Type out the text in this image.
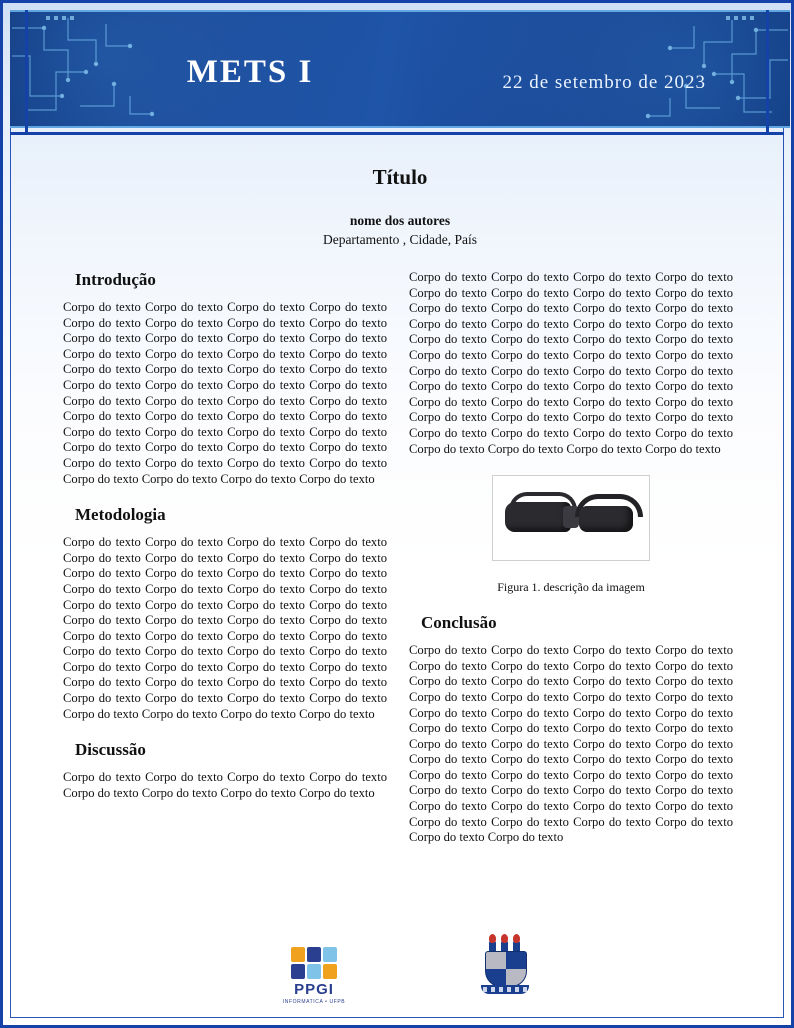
METS I	22 de setembro de 2023
Título
nome dos autores
Departamento , Cidade, País
Introdução

Corpo do texto Corpo do texto Corpo do texto Corpo do texto Corpo do texto Corpo do texto Corpo do texto Corpo do texto Corpo do texto Corpo do texto Corpo do texto Corpo do texto Corpo do texto Corpo do texto Corpo do texto Corpo do texto Corpo do texto Corpo do texto Corpo do texto Corpo do texto Corpo do texto Corpo do texto Corpo do texto Corpo do texto Corpo do texto Corpo do texto Corpo do texto Corpo do texto Corpo do texto Corpo do texto Corpo do texto Corpo do texto Corpo do texto Corpo do texto Corpo do texto Corpo do texto Corpo do texto Corpo do texto Corpo do texto Corpo do texto Corpo do texto Corpo do texto Corpo do texto Corpo do texto Corpo do texto Corpo do texto Corpo do texto Corpo do texto

Metodologia

Corpo do texto Corpo do texto Corpo do texto Corpo do texto Corpo do texto Corpo do texto Corpo do texto Corpo do texto Corpo do texto Corpo do texto Corpo do texto Corpo do texto Corpo do texto Corpo do texto Corpo do texto Corpo do texto Corpo do texto Corpo do texto Corpo do texto Corpo do texto Corpo do texto Corpo do texto Corpo do texto Corpo do texto Corpo do texto Corpo do texto Corpo do texto Corpo do texto Corpo do texto Corpo do texto Corpo do texto Corpo do texto Corpo do texto Corpo do texto Corpo do texto Corpo do texto Corpo do texto Corpo do texto Corpo do texto Corpo do texto Corpo do texto Corpo do texto Corpo do texto Corpo do texto Corpo do texto Corpo do texto Corpo do texto Corpo do texto

Discussão

Corpo do texto Corpo do texto Corpo do texto Corpo do texto Corpo do texto Corpo do texto Corpo do texto Corpo do texto

Corpo do texto Corpo do texto Corpo do texto Corpo do texto Corpo do texto Corpo do texto Corpo do texto Corpo do texto Corpo do texto Corpo do texto Corpo do texto Corpo do texto Corpo do texto Corpo do texto Corpo do texto Corpo do texto Corpo do texto Corpo do texto Corpo do texto Corpo do texto Corpo do texto Corpo do texto Corpo do texto Corpo do texto Corpo do texto Corpo do texto Corpo do texto Corpo do texto Corpo do texto Corpo do texto Corpo do texto Corpo do texto Corpo do texto Corpo do texto Corpo do texto Corpo do texto Corpo do texto Corpo do texto Corpo do texto Corpo do texto Corpo do texto Corpo do texto Corpo do texto Corpo do texto Corpo do texto Corpo do texto Corpo do texto Corpo do texto

Figura 1. descrição da imagem
Conclusão

Corpo do texto Corpo do texto Corpo do texto Corpo do texto Corpo do texto Corpo do texto Corpo do texto Corpo do texto Corpo do texto Corpo do texto Corpo do texto Corpo do texto Corpo do texto Corpo do texto Corpo do texto Corpo do texto Corpo do texto Corpo do texto Corpo do texto Corpo do texto Corpo do texto Corpo do texto Corpo do texto Corpo do texto Corpo do texto Corpo do texto Corpo do texto Corpo do texto Corpo do texto Corpo do texto Corpo do texto Corpo do texto Corpo do texto Corpo do texto Corpo do texto Corpo do texto Corpo do texto Corpo do texto Corpo do texto Corpo do texto Corpo do texto Corpo do texto Corpo do texto Corpo do texto Corpo do texto Corpo do texto Corpo do texto Corpo do texto Corpo do texto Corpo do texto

PPGI
INFORMATICA • UFPB
